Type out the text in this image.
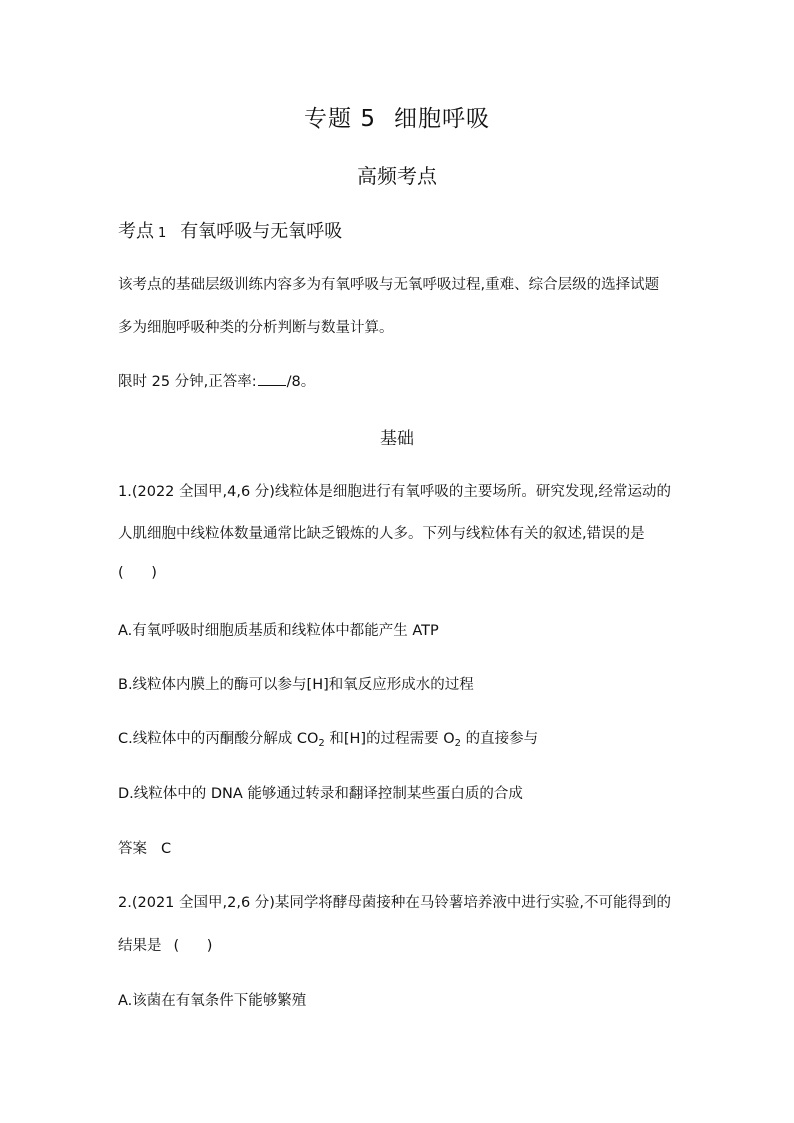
专题 5 细胞呼吸
高频考点
考点 1 有氧呼吸与无氧呼吸
该考点的基础层级训练内容多为有氧呼吸与无氧呼吸过程,重难、综合层级的选择试题
多为细胞呼吸种类的分析判断与数量计算。
限时 25 分钟,正答率: /8。
基础
1.(2022 全国甲,4,6 分)线粒体是细胞进行有氧呼吸的主要场所。研究发现,经常运动的
人肌细胞中线粒体数量通常比缺乏锻炼的人多。下列与线粒体有关的叙述,错误的是
(      )
A.有氧呼吸时细胞质基质和线粒体中都能产生 ATP
B.线粒体内膜上的酶可以参与[H]和氧反应形成水的过程
C.线粒体中的丙酮酸分解成 $CO_2$ 和[H]的过程需要 $O_2$ 的直接参与
D.线粒体中的 DNA 能够通过转录和翻译控制某些蛋白质的合成
答案 C
2.(2021 全国甲,2,6 分)某同学将酵母菌接种在马铃薯培养液中进行实验,不可能得到的
结果是 (      )
A.该菌在有氧条件下能够繁殖
